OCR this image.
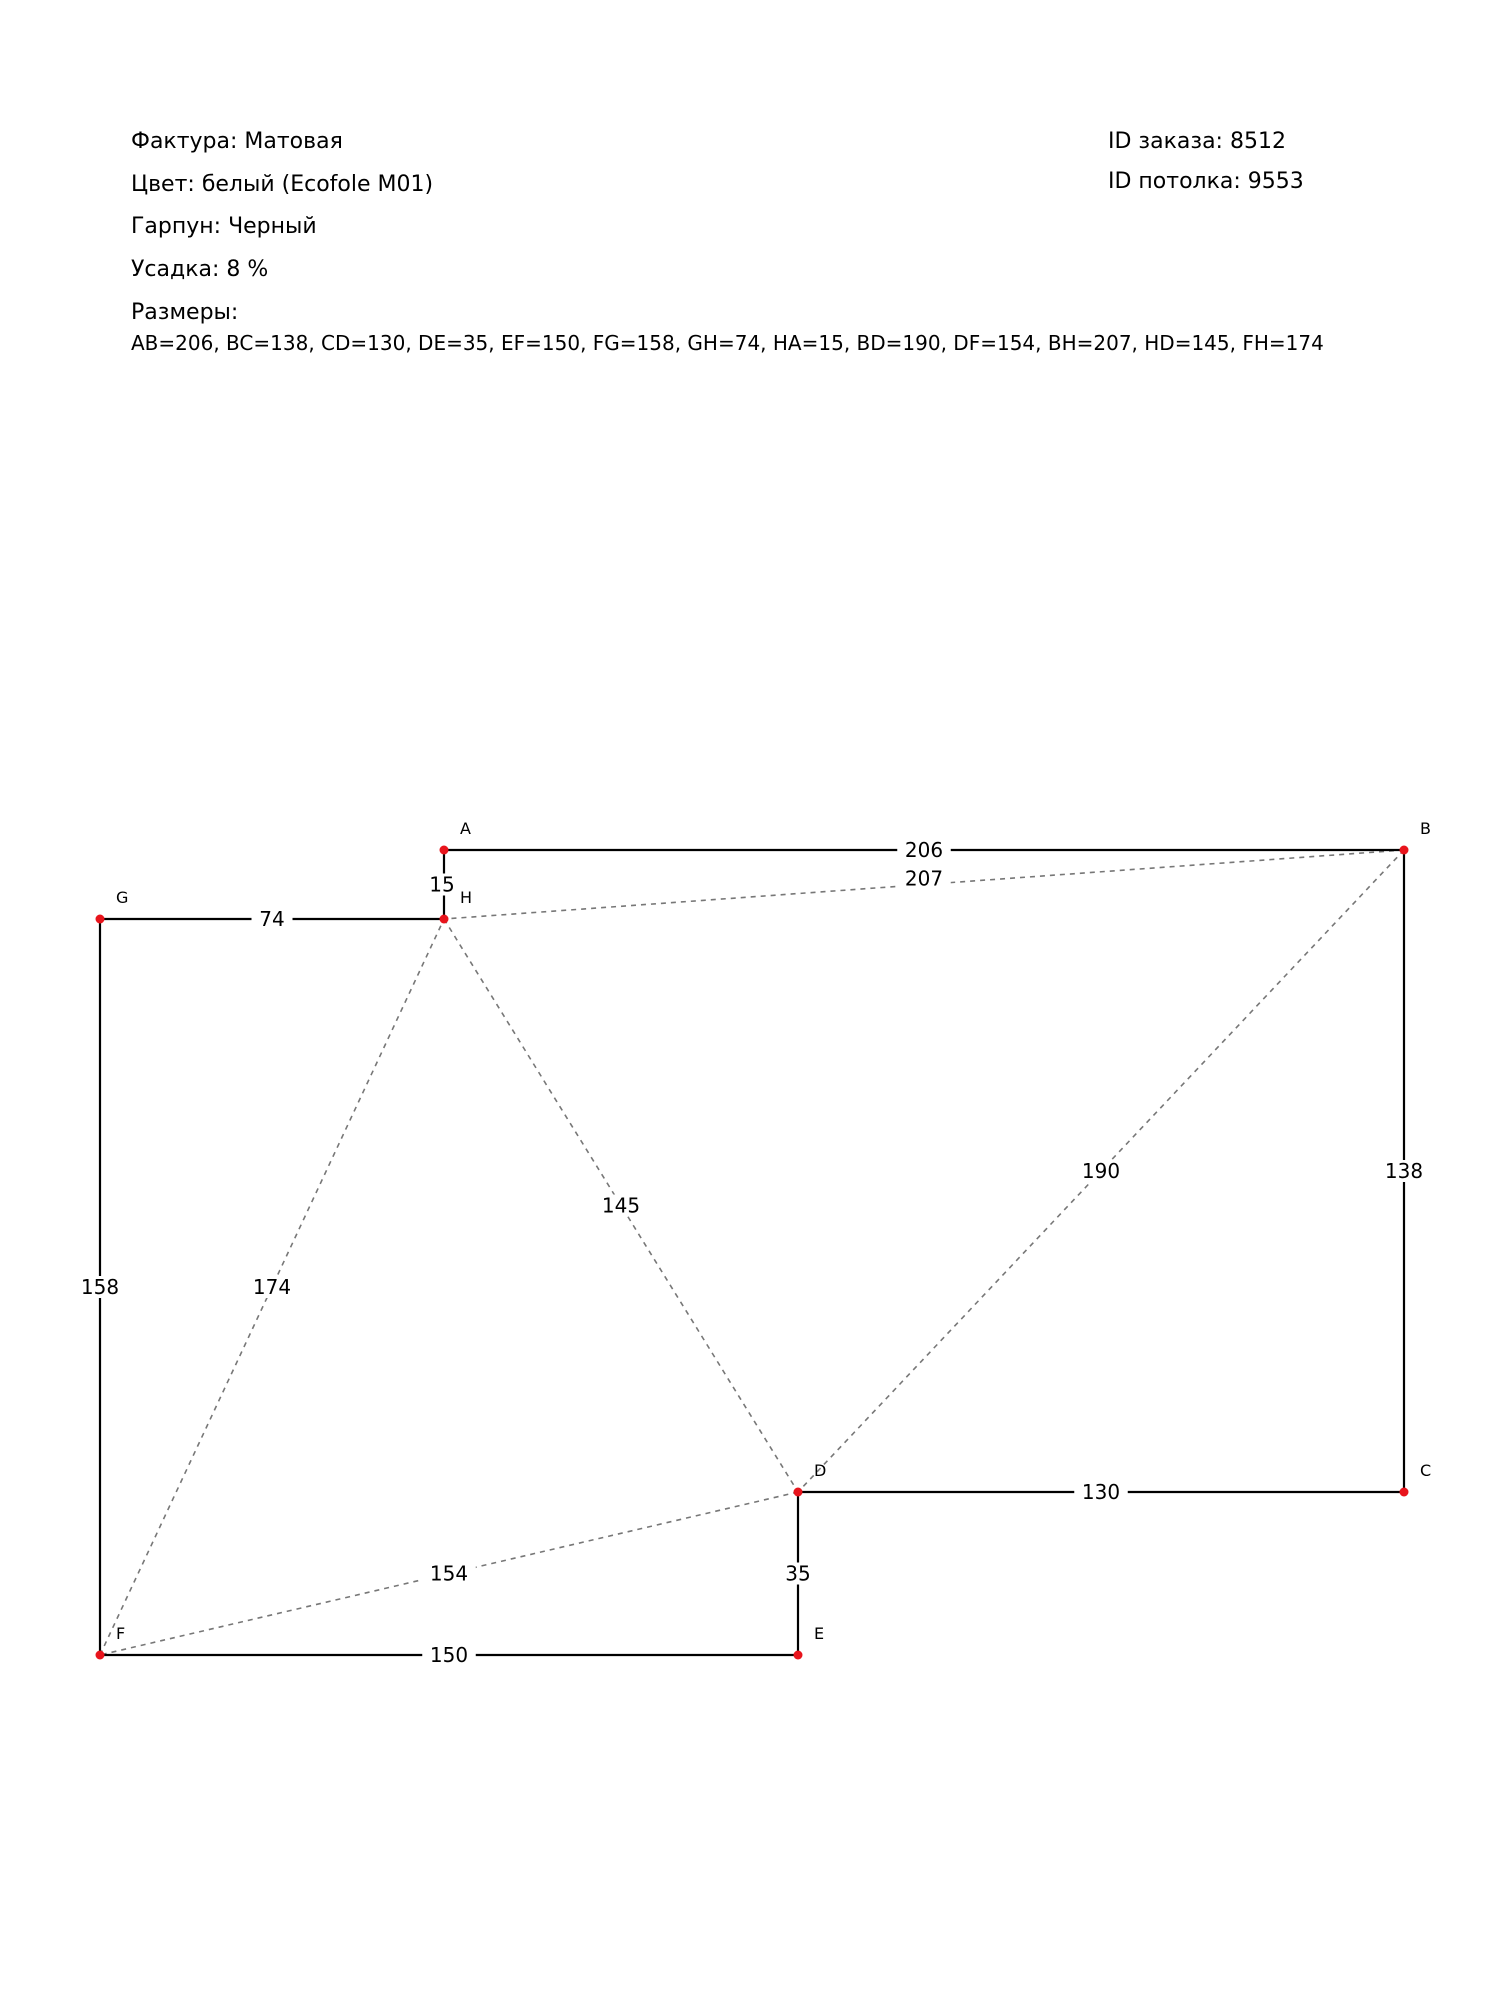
Фактура: Матовая
Цвет: белый (Ecofole M01)
Гарпун: Черный
Усадка: 8 %
Размеры:
AB=206, BC=138, CD=130, DE=35, EF=150, FG=158, GH=74, HA=15, BD=190, DF=154, BH=207, HD=145, FH=174
ID заказа: 8512
ID потолка: 9553
190
154
207
145
174
206
138
130
35
150
158
74
15
A	B
C
D
E
F
G	H
